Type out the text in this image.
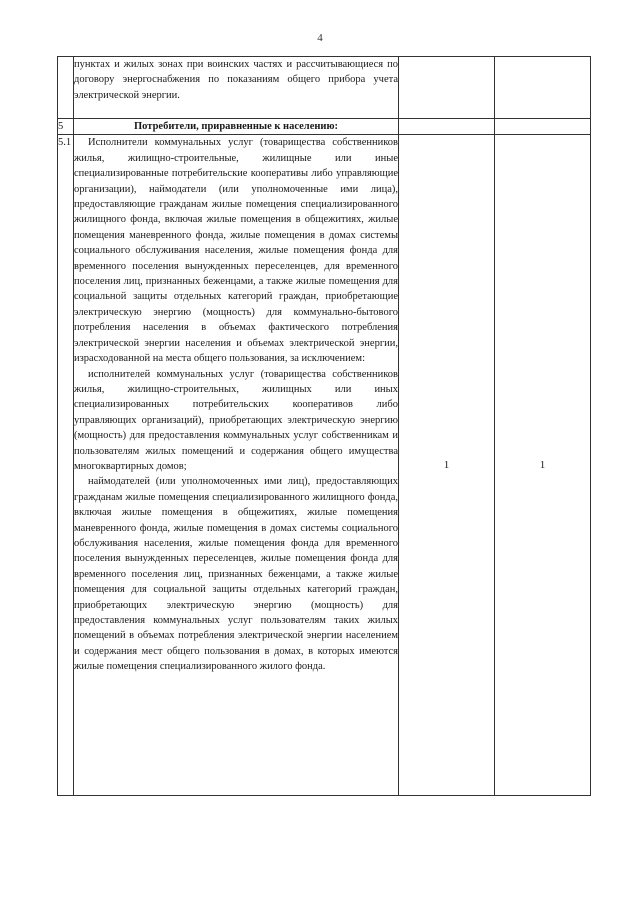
4

	пунктах и жилых зонах при воинских частях и рассчитывающиеся по договору энергоснабжения по показаниям общего прибора учета электрической энергии.		

5	Потребители, приравненные к населению:		
5.1	Исполнители коммунальных услуг (товарищества собственников жилья, жилищно-строительные, жилищные или иные специализированные потребительские кооперативы либо управляющие организации), наймодатели (или уполномоченные ими лица), предоставляющие гражданам жилые помещения специализированного жилищного фонда, включая жилые помещения в общежитиях, жилые помещения маневренного фонда, жилые помещения в домах системы социального обслуживания населения, жилые помещения фонда для временного поселения вынужденных переселенцев, для временного поселения лиц, признанных беженцами, а также жилые помещения для социальной защиты отдельных категорий граждан, приобретающие электрическую энергию (мощность) для коммунально-бытового потребления населения в объемах фактического потребления электрической энергии населения и объемах электрической энергии, израсходованной на места общего пользования, за исключением:

исполнителей коммунальных услуг (товарищества собственников жилья, жилищно-строительных, жилищных или иных специализированных потребительских кооперативов либо управляющих организаций), приобретающих электрическую энергию (мощность) для предоставления коммунальных услуг собственникам и пользователям жилых помещений и содержания общего имущества многоквартирных домов;

наймодателей (или уполномоченных ими лиц), предоставляющих гражданам жилые помещения специализированного жилищного фонда, включая жилые помещения в общежитиях, жилые помещения маневренного фонда, жилые помещения в домах системы социального обслуживания населения, жилые помещения фонда для временного поселения вынужденных переселенцев, жилые помещения фонда для временного поселения лиц, признанных беженцами, а также жилые помещения для социальной защиты отдельных категорий граждан, приобретающих электрическую энергию (мощность) для предоставления коммунальных услуг пользователям таких жилых помещений в объемах потребления электрической энергии населением и содержания мест общего пользования в домах, в которых имеются жилые помещения специализированного жилого фонда.	1	1
